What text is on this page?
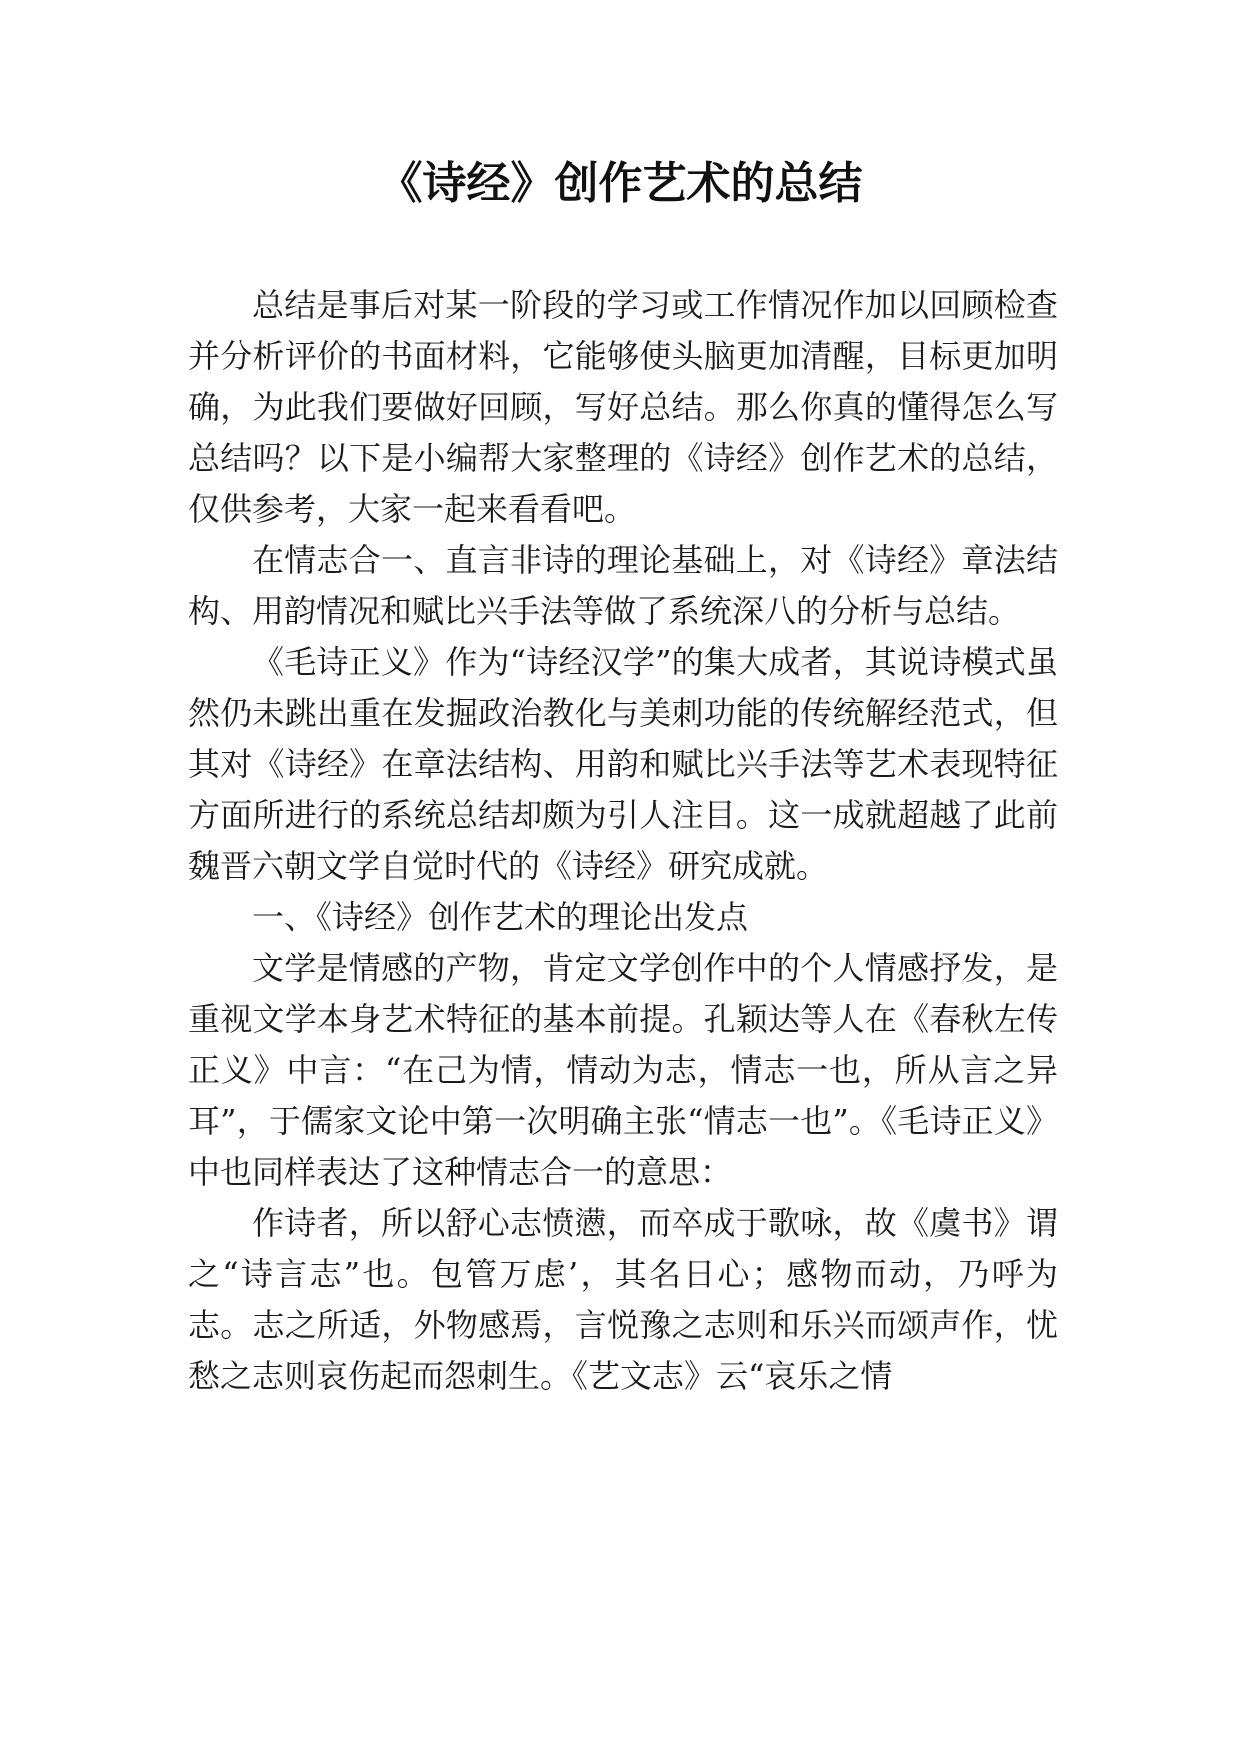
《诗经》创作艺术的总结

总结是事后对某一阶段的学习或工作情况作加以回顾检查并分析评价的书面材料，它能够使头脑更加清醒，目标更加明确，为此我们要做好回顾，写好总结。那么你真的懂得怎么写总结吗？以下是小编帮大家整理的《诗经》创作艺术的总结，仅供参考，大家一起来看看吧。

在情志合一、直言非诗的理论基础上，对《诗经》章法结构、用韵情况和赋比兴手法等做了系统深八的分析与总结。

《毛诗正义》作为“诗经汉学”的集大成者，其说诗模式虽然仍未跳出重在发掘政治教化与美刺功能的传统解经范式，但其对《诗经》在章法结构、用韵和赋比兴手法等艺术表现特征方面所进行的系统总结却颇为引人注目。这一成就超越了此前魏晋六朝文学自觉时代的《诗经》研究成就。

一、《诗经》创作艺术的理论出发点

文学是情感的产物，肯定文学创作中的个人情感抒发，是重视文学本身艺术特征的基本前提。孔颖达等人在《春秋左传正义》中言：“在己为情，情动为志，情志一也，所从言之异耳”，于儒家文论中第一次明确主张“情志一也”。《毛诗正义》中也同样表达了这种情志合一的意思：

作诗者，所以舒心志愤懑，而卒成于歌咏，故《虞书》谓之“诗言志”也。包管万虑’，其名日心；感物而动，乃呼为志。志之所适，外物感焉，言悦豫之志则和乐兴而颂声作，忧愁之志则哀伤起而怨刺生。《艺文志》云“哀乐之情
